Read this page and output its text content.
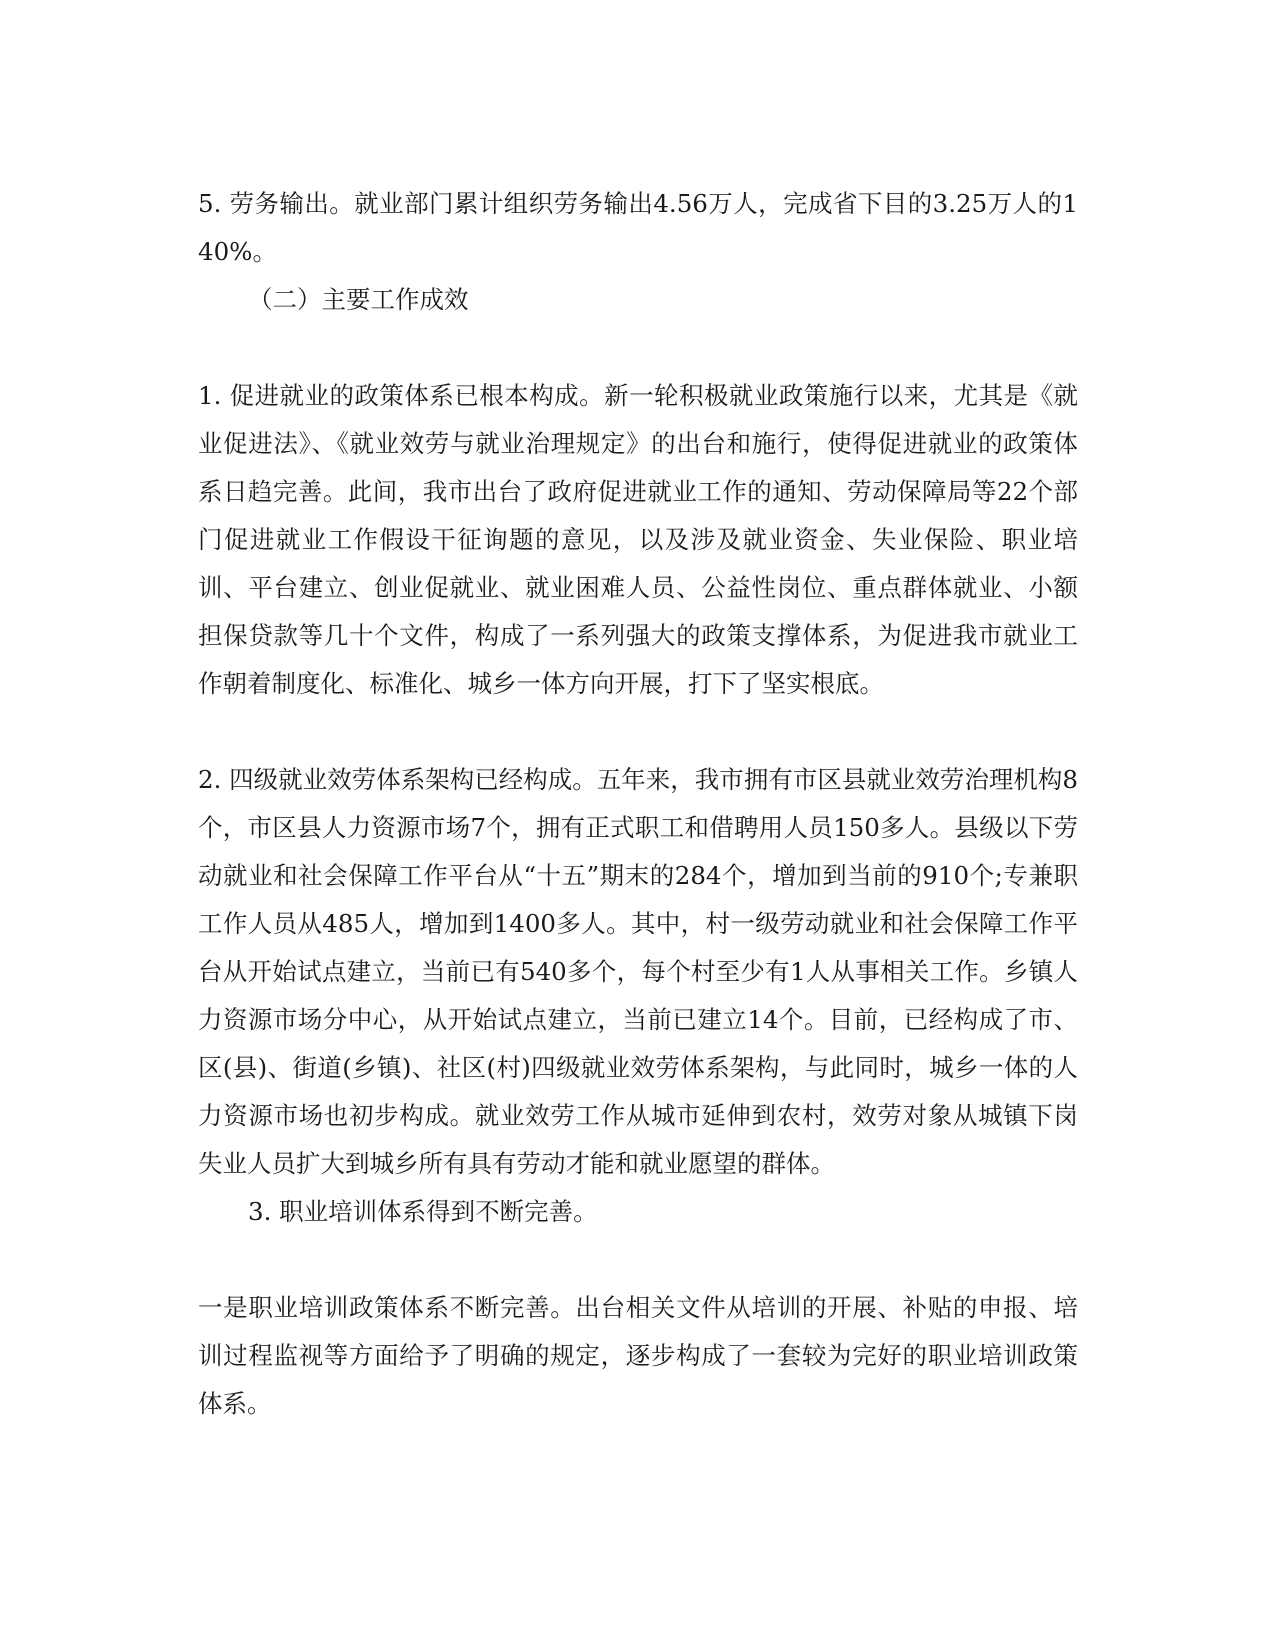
5. 劳务输出。就业部门累计组织劳务输出4.56万人，完成省下目的3.25万人的140%。

（二）主要工作成效

1. 促进就业的政策体系已根本构成。新一轮积极就业政策施行以来，尤其是《就业促进法》、《就业效劳与就业治理规定》的出台和施行，使得促进就业的政策体系日趋完善。此间，我市出台了政府促进就业工作的通知、劳动保障局等22个部门促进就业工作假设干征询题的意见，以及涉及就业资金、失业保险、职业培训、平台建立、创业促就业、就业困难人员、公益性岗位、重点群体就业、小额担保贷款等几十个文件，构成了一系列强大的政策支撑体系，为促进我市就业工作朝着制度化、标准化、城乡一体方向开展，打下了坚实根底。

2. 四级就业效劳体系架构已经构成。五年来，我市拥有市区县就业效劳治理机构8个，市区县人力资源市场7个，拥有正式职工和借聘用人员150多人。县级以下劳动就业和社会保障工作平台从“十五”期末的284个，增加到当前的910个;专兼职工作人员从485人，增加到1400多人。其中，村一级劳动就业和社会保障工作平台从开始试点建立，当前已有540多个，每个村至少有1人从事相关工作。乡镇人力资源市场分中心，从开始试点建立，当前已建立14个。目前，已经构成了市、区(县)、街道(乡镇)、社区(村)四级就业效劳体系架构，与此同时，城乡一体的人力资源市场也初步构成。就业效劳工作从城市延伸到农村，效劳对象从城镇下岗失业人员扩大到城乡所有具有劳动才能和就业愿望的群体。

3. 职业培训体系得到不断完善。

一是职业培训政策体系不断完善。出台相关文件从培训的开展、补贴的申报、培训过程监视等方面给予了明确的规定，逐步构成了一套较为完好的职业培训政策体系。
